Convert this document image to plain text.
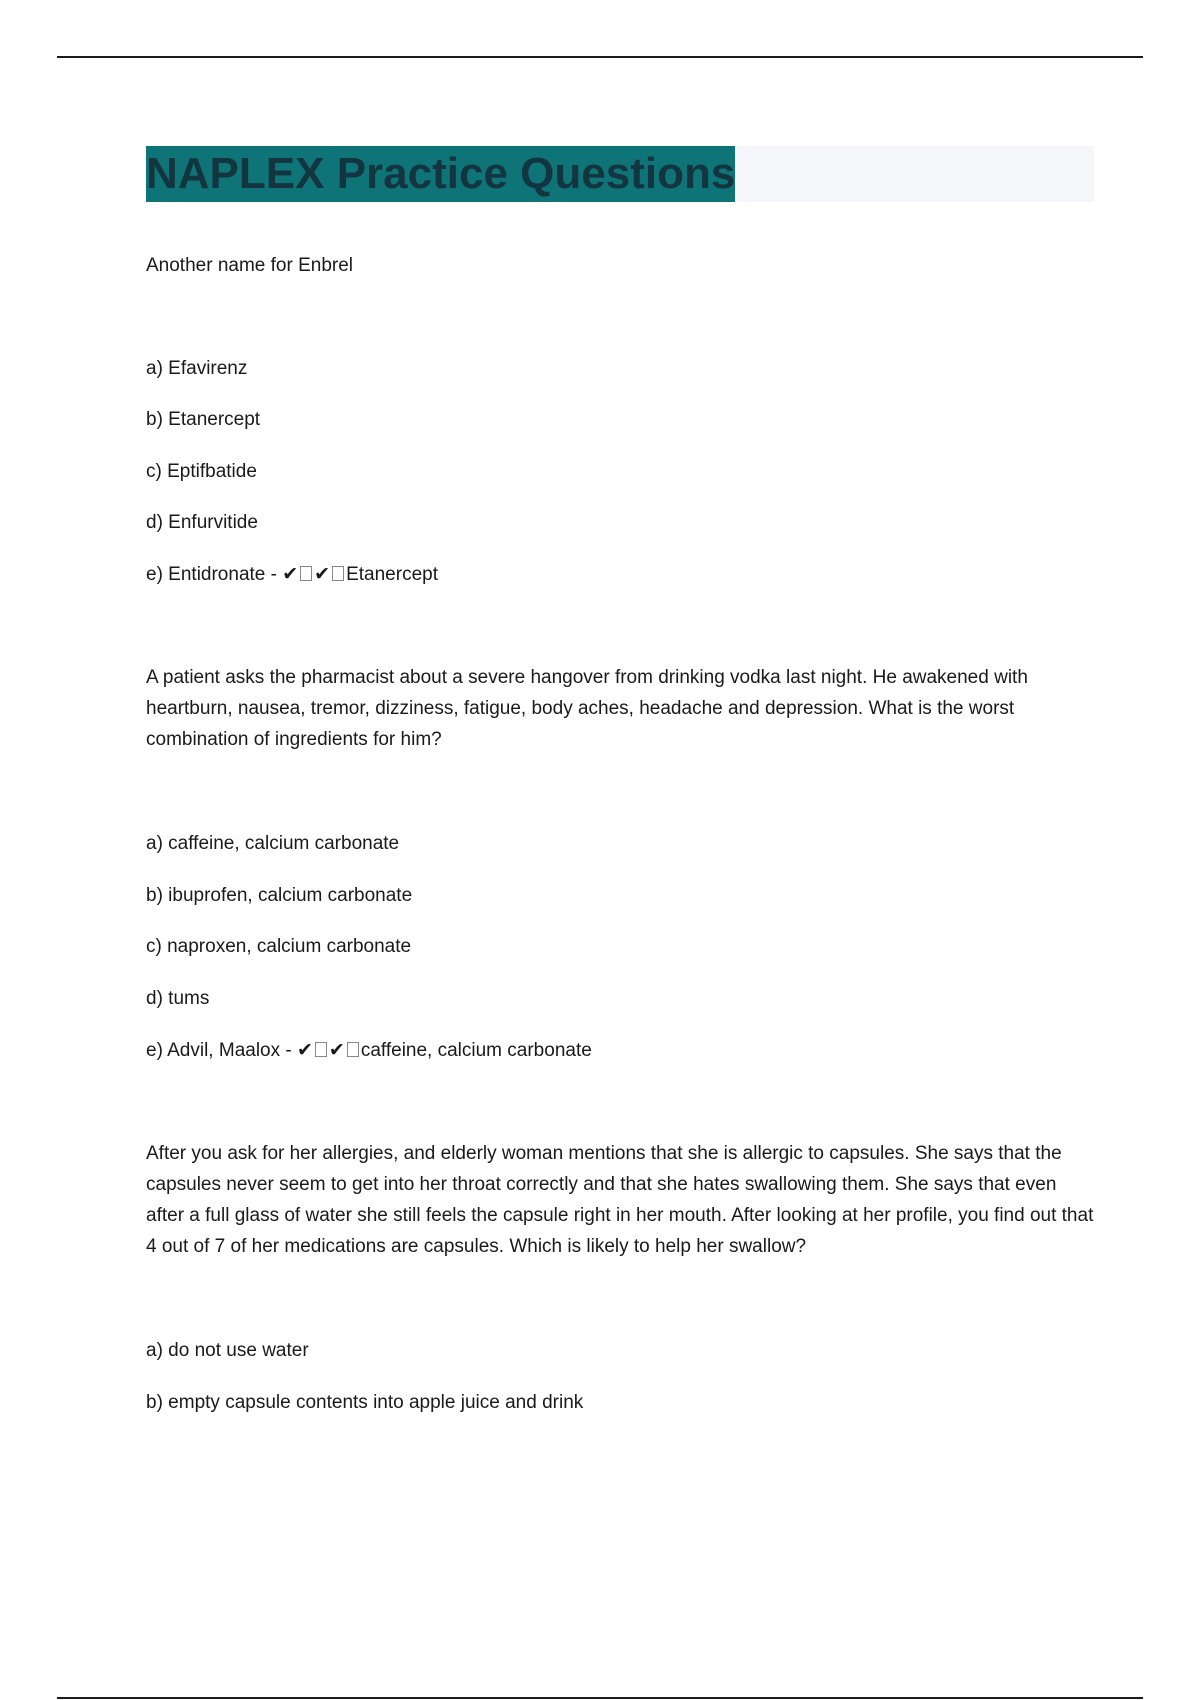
NAPLEX Practice Questions

Another name for Enbrel

a) Efavirenz

b) Etanercept

c) Eptifbatide

d) Enfurvitide

e) Entidronate - ✔ ✔ Etanercept

A patient asks the pharmacist about a severe hangover from drinking vodka last night. He awakened with heartburn, nausea, tremor, dizziness, fatigue, body aches, headache and depression. What is the worst combination of ingredients for him?

a) caffeine, calcium carbonate

b) ibuprofen, calcium carbonate

c) naproxen, calcium carbonate

d) tums

e) Advil, Maalox - ✔ ✔ caffeine, calcium carbonate

After you ask for her allergies, and elderly woman mentions that she is allergic to capsules. She says that the capsules never seem to get into her throat correctly and that she hates swallowing them. She says that even after a full glass of water she still feels the capsule right in her mouth. After looking at her profile, you find out that 4 out of 7 of her medications are capsules. Which is likely to help her swallow?

a) do not use water

b) empty capsule contents into apple juice and drink
